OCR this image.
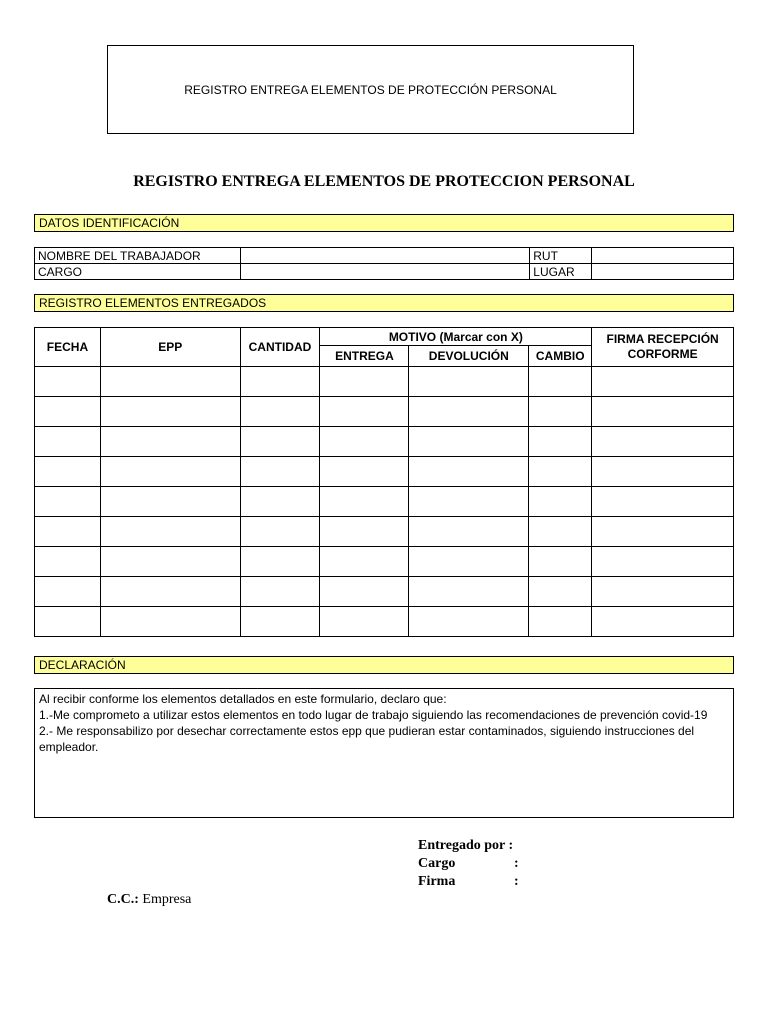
REGISTRO ENTREGA ELEMENTOS DE PROTECCIÓN PERSONAL
REGISTRO ENTREGA ELEMENTOS DE PROTECCION PERSONAL
DATOS IDENTIFICACIÓN
NOMBRE DEL TRABAJADOR		RUT	
CARGO		LUGAR	
REGISTRO ELEMENTOS ENTREGADOS
FECHA	EPP	CANTIDAD	MOTIVO (Marcar con X)			FIRMA RECEPCIÓN CORFORME
			ENTREGA	DEVOLUCIÓN	CAMBIO	

DECLARACIÓN

Al recibir conforme los elementos detallados en este formulario, declaro que:

1.-Me comprometo a utilizar estos elementos en todo lugar de trabajo siguiendo las recomendaciones de prevención covid-19

2.- Me responsabilizo por desechar correctamente estos epp que pudieran estar contaminados, siguiendo instrucciones del empleador.

Entregado por :
Cargo	:
Firma	:
C.C.: Empresa
